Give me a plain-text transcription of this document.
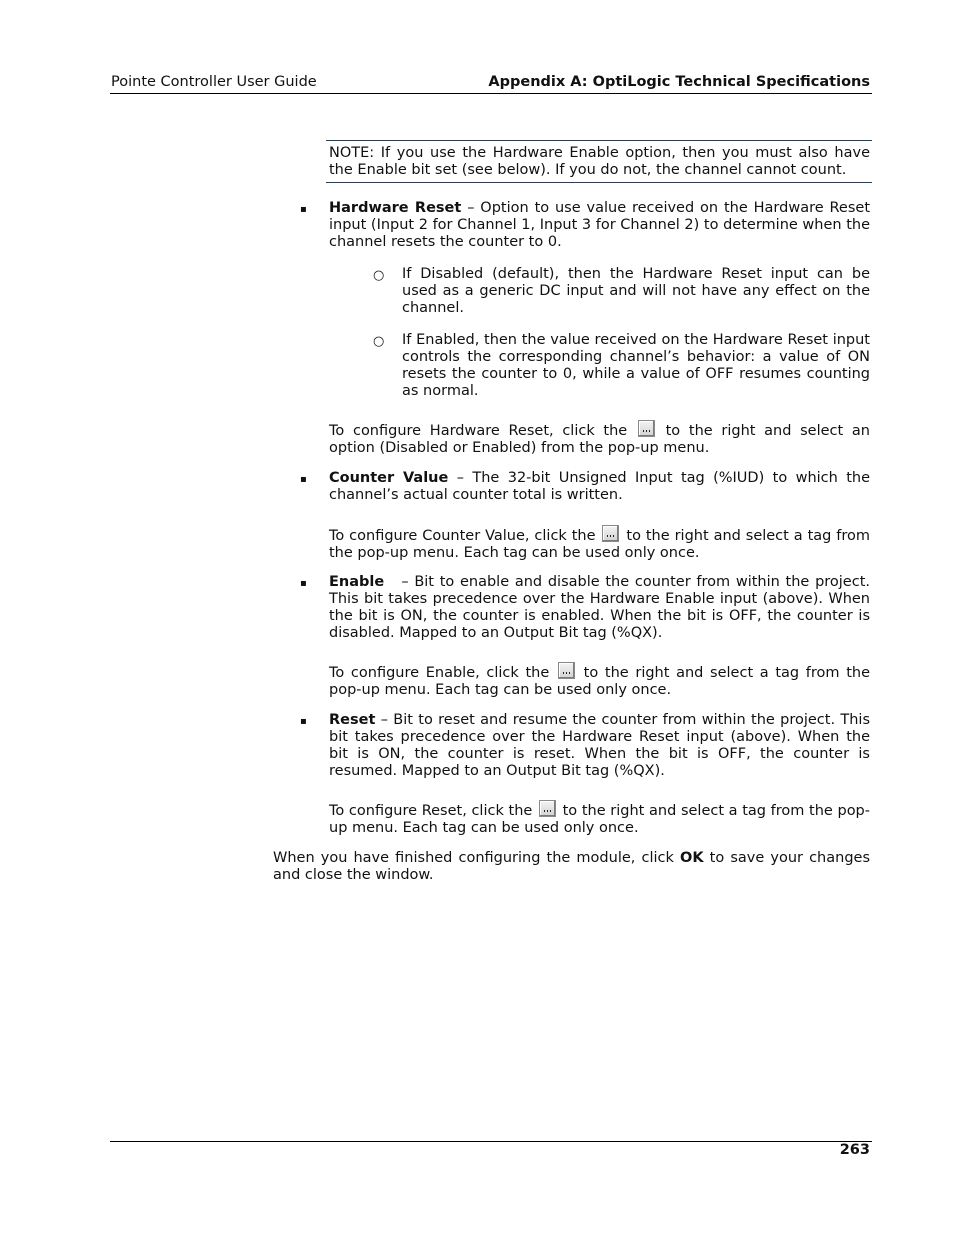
Pointe Controller User Guide	Appendix A: OptiLogic Technical Specifications
NOTE: If you use the Hardware Enable option, then you must also have the Enable bit set (see below). If you do not, the channel cannot count.
▪ Hardware Reset – Option to use value received on the Hardware Reset input (Input 2 for Channel 1, Input 3 for Channel 2) to determine when the channel resets the counter to 0.
○ If Disabled (default), then the Hardware Reset input can be used as a generic DC input and will not have any effect on the channel.
○ If Enabled, then the value received on the Hardware Reset input controls the corresponding channel’s behavior: a value of ON resets the counter to 0, while a value of OFF resumes counting as normal.
To configure Hardware Reset, click the	to the right and select an option (Disabled or Enabled) from the pop-up menu.
▪ Counter Value – The 32-bit Unsigned Input tag (%IUD) to which the channel’s actual counter total is written.
To configure Counter Value, click the to the right and select a tag from the pop-up menu. Each tag can be used only once.
▪ Enable   – Bit to enable and disable the counter from within the project. This bit takes precedence over the Hardware Enable input (above). When the bit is ON, the counter is enabled. When the bit is OFF, the counter is disabled. Mapped to an Output Bit tag (%QX).
To configure Enable, click the to the right and select a tag from the pop-up menu. Each tag can be used only once.
▪ Reset – Bit to reset and resume the counter from within the project. This bit takes precedence over the Hardware Reset input (above). When the bit is ON, the counter is reset. When the bit is OFF, the counter is resumed. Mapped to an Output Bit tag (%QX).
To configure Reset, click the to the right and select a tag from the pop-up menu. Each tag can be used only once.
When you have finished configuring the module, click OK to save your changes and close the window.
263
